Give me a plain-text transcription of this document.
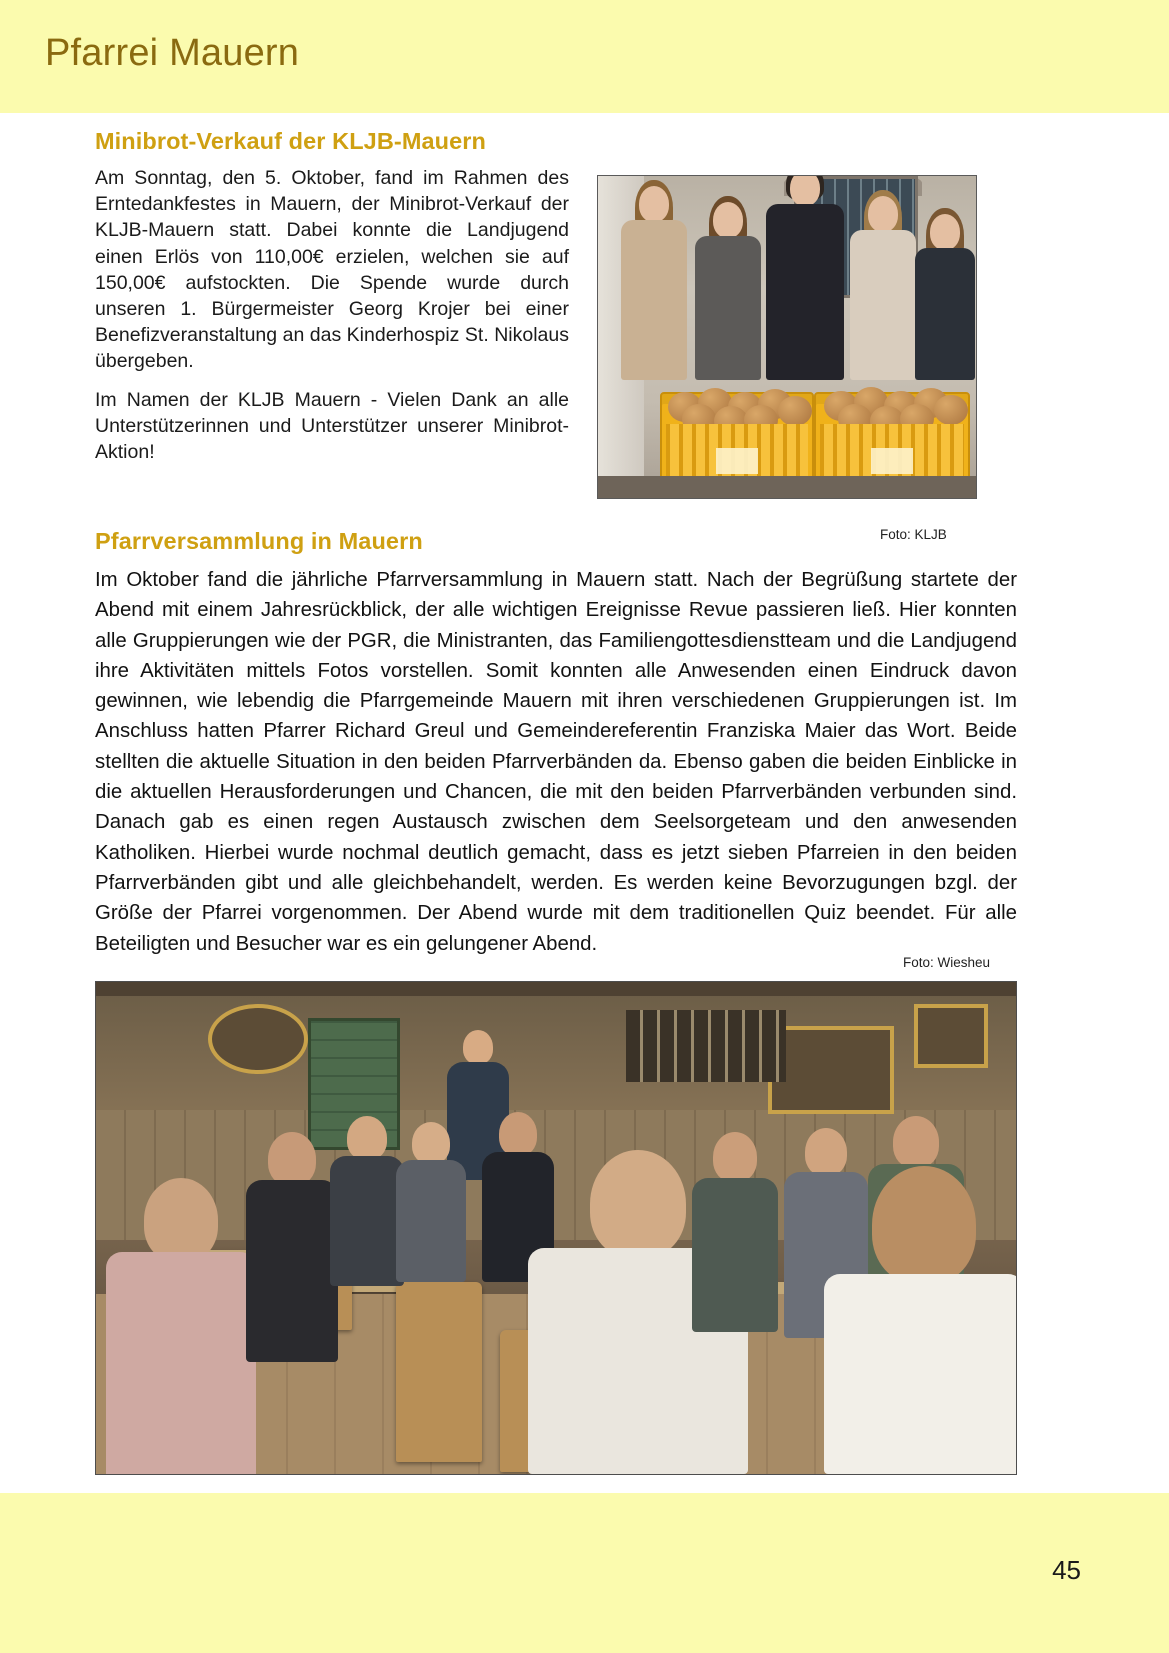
Pfarrei Mauern
Minibrot-Verkauf der KLJB-Mauern

Am Sonntag, den 5. Oktober, fand im Rahmen des Erntedankfestes in Mauern, der Minibrot-Verkauf der KLJB-Mauern statt. Dabei konnte die Landjugend einen Erlös von 110,00€ erzielen, welchen sie auf 150,00€ aufstockten. Die Spende wurde durch unseren 1. Bürgermeister Georg Krojer bei einer Benefizveranstaltung an das Kinderhospiz St. Nikolaus übergeben.

Im Namen der KLJB Mauern - Vielen Dank an alle Unterstützerinnen und Unterstützer unserer Minibrot-Aktion!

Foto: KLJB
Pfarrversammlung in Mauern

Im Oktober fand die jährliche Pfarrversammlung in Mauern statt. Nach der Begrüßung startete der Abend mit einem Jahresrückblick, der alle wichtigen Ereignisse Revue passieren ließ. Hier konnten alle Gruppierungen wie der PGR, die Ministranten, das Familiengottesdienstteam und die Landjugend ihre Aktivitäten mittels Fotos vorstellen. Somit konnten alle Anwesenden einen Eindruck davon gewinnen, wie lebendig die Pfarrgemeinde Mauern mit ihren verschiedenen Gruppierungen ist. Im Anschluss hatten Pfarrer Richard Greul und Gemeindereferentin Franziska Maier das Wort. Beide stellten die aktuelle Situation in den beiden Pfarrverbänden da. Ebenso gaben die beiden Einblicke in die aktuellen Herausforderungen und Chancen, die mit den beiden Pfarrverbänden verbunden sind. Danach gab es einen regen Austausch zwischen dem Seelsorgeteam und den anwesenden Katholiken. Hierbei wurde nochmal deutlich gemacht, dass es jetzt sieben Pfarreien in den beiden Pfarrverbänden gibt und alle gleichbehandelt, werden. Es werden keine Bevorzugungen bzgl. der Größe der Pfarrei vorgenommen. Der Abend wurde mit dem traditionellen Quiz beendet. Für alle Beteiligten und Besucher war es ein gelungener Abend.

Foto: Wiesheu
45
